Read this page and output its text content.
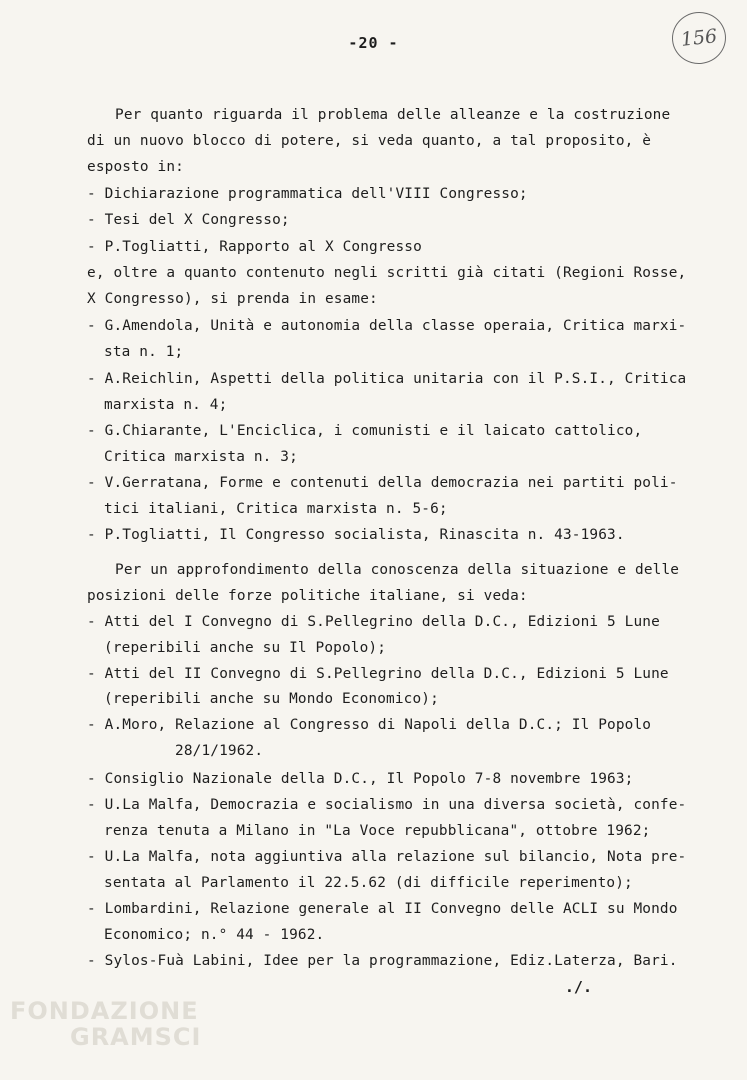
-20 -	156
Per quanto riguarda il problema delle alleanze e la costruzione
di un nuovo blocco di potere, si veda quanto, a tal proposito, è
esposto in:
- Dichiarazione programmatica dell'VIII Congresso;
- Tesi del X Congresso;
- P.Togliatti, Rapporto al X Congresso
e, oltre a quanto contenuto negli scritti già citati (Regioni Rosse,
X Congresso), si prenda in esame:
- G.Amendola, Unità e autonomia della classe operaia, Critica marxi-
sta n. 1;
- A.Reichlin, Aspetti della politica unitaria con il P.S.I., Critica
marxista n. 4;
- G.Chiarante, L'Enciclica, i comunisti e il laicato cattolico,
Critica marxista n. 3;
- V.Gerratana, Forme e contenuti della democrazia nei partiti poli-
tici italiani, Critica marxista n. 5-6;
- P.Togliatti, Il Congresso socialista, Rinascita n. 43-1963.
Per un approfondimento della conoscenza della situazione e delle
posizioni delle forze politiche italiane, si veda:
- Atti del I Convegno di S.Pellegrino della D.C., Edizioni 5 Lune
(reperibili anche su Il Popolo);
- Atti del II Convegno di S.Pellegrino della D.C., Edizioni 5 Lune
(reperibili anche su Mondo Economico);
- A.Moro, Relazione al Congresso di Napoli della D.C.; Il Popolo
28/1/1962.
- Consiglio Nazionale della D.C., Il Popolo 7-8 novembre 1963;
- U.La Malfa, Democrazia e socialismo in una diversa società, confe-
renza tenuta a Milano in "La Voce repubblicana", ottobre 1962;
- U.La Malfa, nota aggiuntiva alla relazione sul bilancio, Nota pre-
sentata al Parlamento il 22.5.62 (di difficile reperimento);
- Lombardini, Relazione generale al II Convegno delle ACLI su Mondo
Economico; n.° 44 - 1962.
- Sylos-Fuà Labini, Idee per la programmazione, Ediz.Laterza, Bari.
./.
FONDAZIONE
GRAMSCI
